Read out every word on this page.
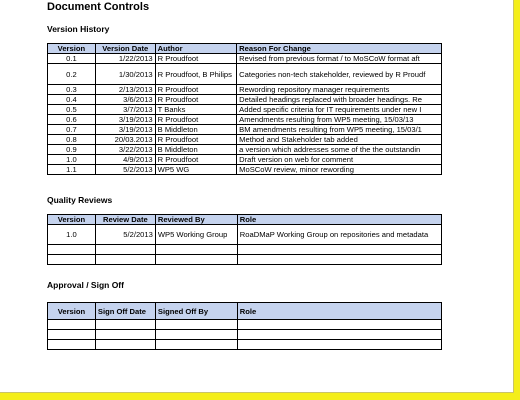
Document Controls
Version History
Version	Version Date	Author	Reason For Change
0.1	1/22/2013	R Proudfoot	Revised from previous format / to MoSCoW format aft
0.2	1/30/2013	R Proudfoot, B Philips	Categories non-tech stakeholder, reviewed by R Proudf
0.3	2/13/2013	R Proudfoot	Rewording repository manager requirements
0.4	3/6/2013	R Proudfoot	Detailed headings replaced with broader headings. Re
0.5	3/7/2013	T Banks	Added specific criteria for IT requirements under new I
0.6	3/19/2013	R Proudfoot	Amendments resulting from WP5 meeting, 15/03/13
0.7	3/19/2013	B Middleton	BM amendments resulting from WP5 meeting, 15/03/1
0.8	20/03.2013	R Proudfoot	Method and Stakeholder tab added
0.9	3/22/2013	B Middleton	a version which addresses some of the the outstandin
1.0	4/9/2013	R Proudfoot	Draft version on web for comment
1.1	5/2/2013	WP5 WG	MoSCoW review, minor rewording
Quality Reviews
Version	Review Date	Reviewed By	Role
1.0	5/2/2013	WP5 Working Group	RoaDMaP Working Group on repositories and metadata

Approval / Sign Off
Version	Sign Off Date	Signed Off By	Role
